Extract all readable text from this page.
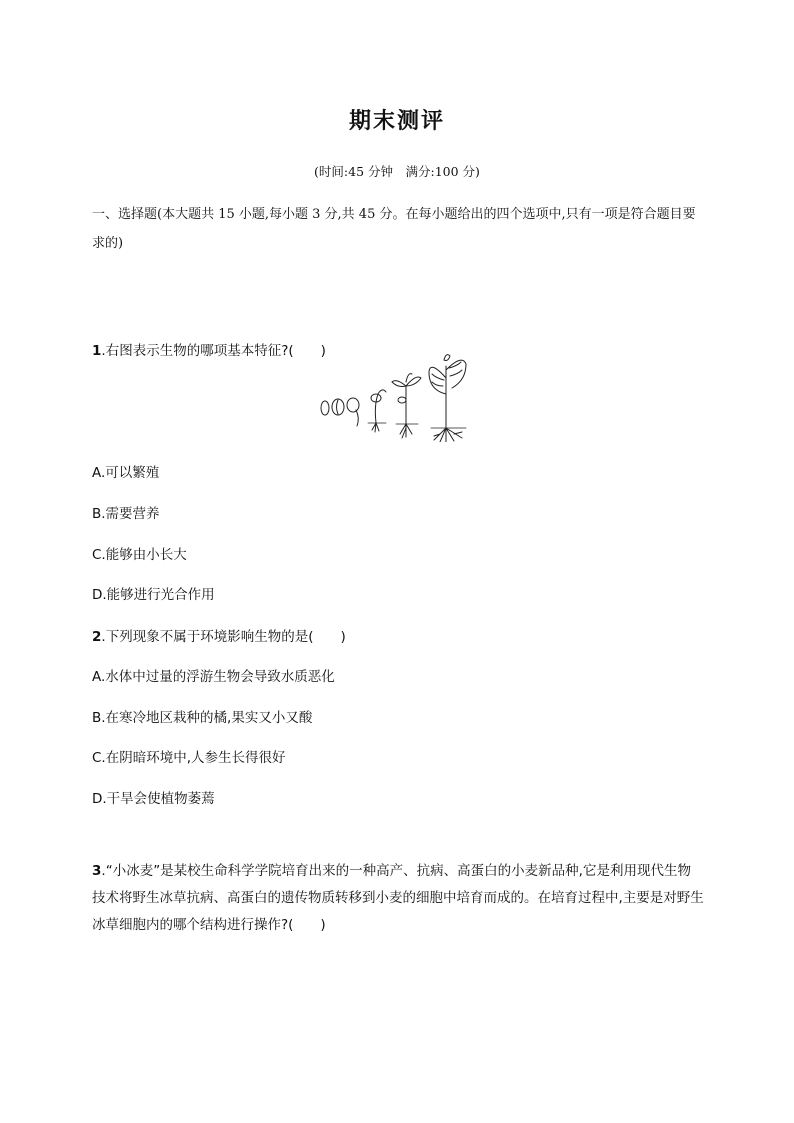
期末测评
(时间:45 分钟　满分:100 分)
一、选择题(本大题共 15 小题,每小题 3 分,共 45 分。在每小题给出的四个选项中,只有一项是符合题目要求的)
1.右图表示生物的哪项基本特征?(　　)
A.可以繁殖
B.需要营养
C.能够由小长大
D.能够进行光合作用
2.下列现象不属于环境影响生物的是(　　)
A.水体中过量的浮游生物会导致水质恶化
B.在寒冷地区栽种的橘,果实又小又酸
C.在阴暗环境中,人参生长得很好
D.干旱会使植物萎蔫
3.“小冰麦”是某校生命科学学院培育出来的一种高产、抗病、高蛋白的小麦新品种,它是利用现代生物技术将野生冰草抗病、高蛋白的遗传物质转移到小麦的细胞中培育而成的。在培育过程中,主要是对野生冰草细胞内的哪个结构进行操作?(　　)
